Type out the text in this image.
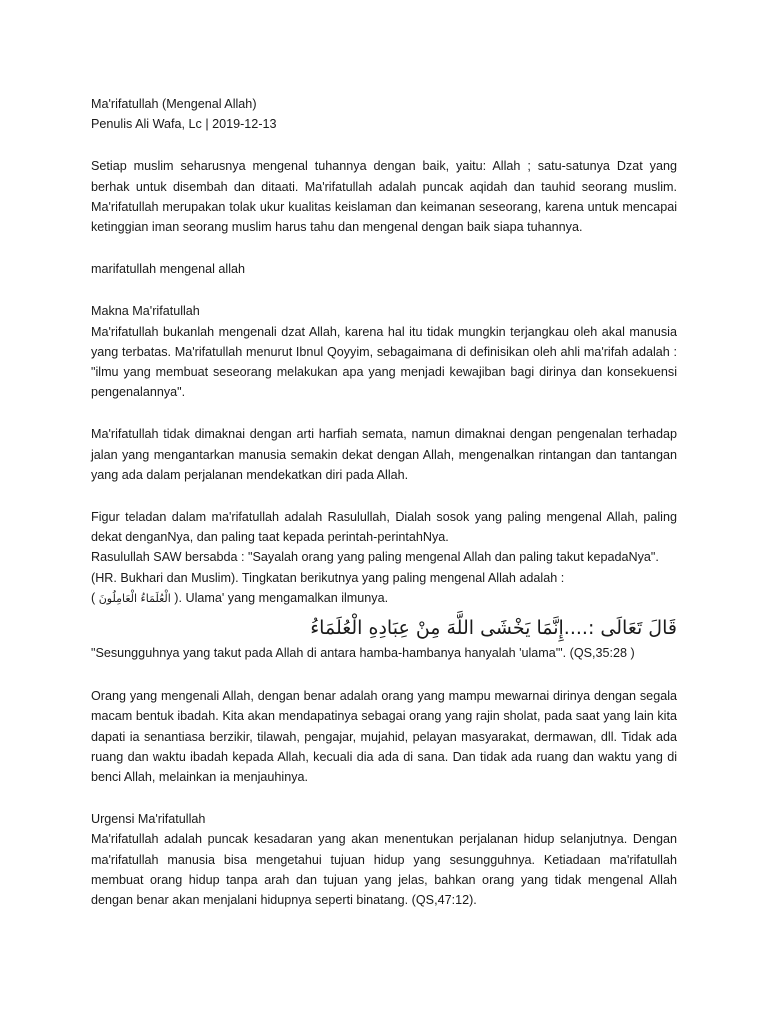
Ma'rifatullah (Mengenal Allah)

Penulis Ali Wafa, Lc | 2019-12-13

Setiap muslim seharusnya mengenal tuhannya dengan baik, yaitu: Allah ; satu-satunya Dzat yang berhak untuk disembah dan ditaati. Ma'rifatullah adalah puncak aqidah dan tauhid seorang muslim. Ma'rifatullah merupakan tolak ukur kualitas keislaman dan keimanan seseorang, karena untuk mencapai ketinggian iman seorang muslim harus tahu dan mengenal dengan baik siapa tuhannya.

marifatullah mengenal allah

Makna Ma'rifatullah

Ma'rifatullah bukanlah mengenali dzat Allah, karena hal itu tidak mungkin terjangkau oleh akal manusia yang terbatas. Ma'rifatullah menurut Ibnul Qoyyim, sebagaimana di definisikan oleh ahli ma'rifah adalah : "ilmu yang membuat seseorang melakukan apa yang menjadi kewajiban bagi dirinya dan konsekuensi pengenalannya".

Ma'rifatullah tidak dimaknai dengan arti harfiah semata, namun dimaknai dengan pengenalan terhadap jalan yang mengantarkan manusia semakin dekat dengan Allah, mengenalkan rintangan dan tantangan yang ada dalam perjalanan mendekatkan diri pada Allah.

Figur teladan dalam ma'rifatullah adalah Rasulullah, Dialah sosok yang paling mengenal Allah, paling dekat denganNya, dan paling taat kepada perintah-perintahNya.

Rasulullah SAW bersabda : "Sayalah orang yang paling mengenal Allah dan paling takut kepadaNya".(HR. Bukhari dan Muslim). Tingkatan berikutnya yang paling mengenal Allah adalah :

( الْعُلَمَاءُ الْعَامِلُونَ ). Ulama' yang mengamalkan ilmunya.

قَالَ تَعَالَى :....إِنَّمَا يَخْشَى اللَّهَ مِنْ عِبَادِهِ الْعُلَمَاءُ

"Sesungguhnya yang takut pada Allah di antara hamba-hambanya hanyalah 'ulama'". (QS,35:28 )

Orang yang mengenali Allah, dengan benar adalah orang yang mampu mewarnai dirinya dengan segala macam bentuk ibadah. Kita akan mendapatinya sebagai orang yang rajin sholat, pada saat yang lain kita dapati ia senantiasa berzikir, tilawah, pengajar, mujahid, pelayan masyarakat, dermawan, dll. Tidak ada ruang dan waktu ibadah kepada Allah, kecuali dia ada di sana. Dan tidak ada ruang dan waktu yang di benci Allah, melainkan ia menjauhinya.

Urgensi Ma'rifatullah

Ma'rifatullah adalah puncak kesadaran yang akan menentukan perjalanan hidup selanjutnya. Dengan ma'rifatullah manusia bisa mengetahui tujuan hidup yang sesungguhnya. Ketiadaan ma'rifatullah membuat orang hidup tanpa arah dan tujuan yang jelas, bahkan orang yang tidak mengenal Allah dengan benar akan menjalani hidupnya seperti binatang. (QS,47:12).
